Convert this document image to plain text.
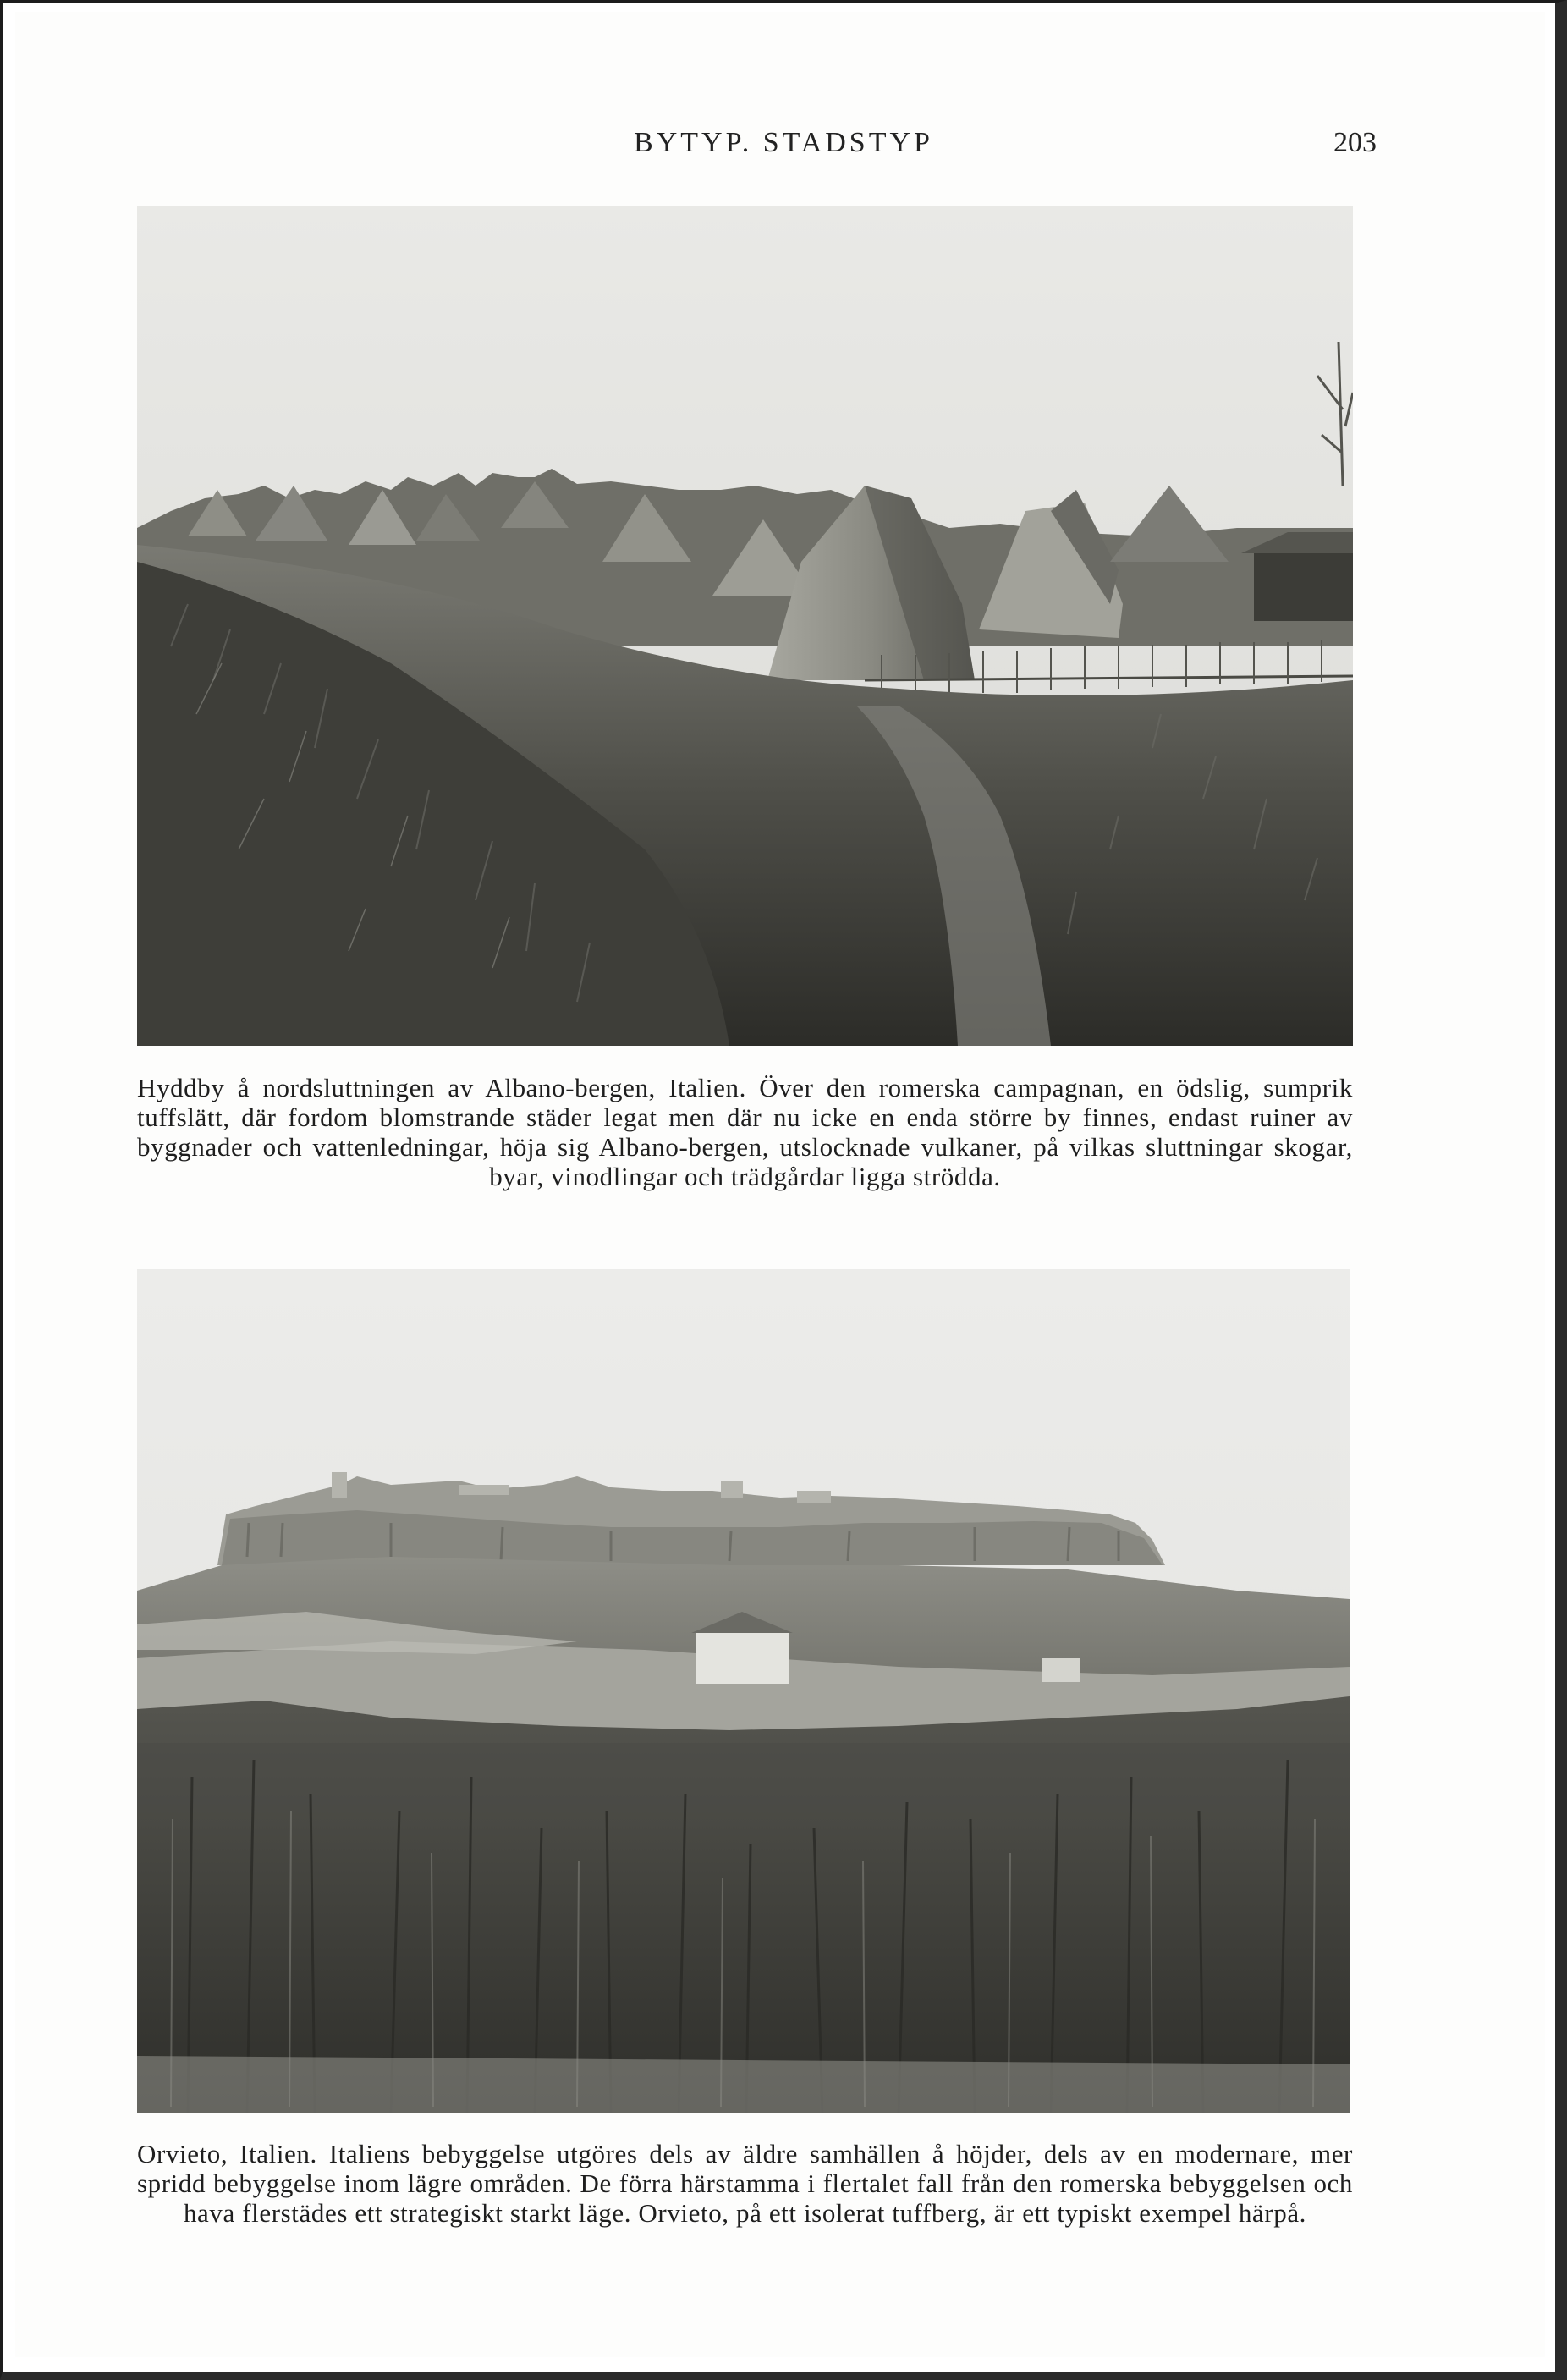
BYTYP. STADSTYP	203
Hyddby å nordsluttningen av Albano-bergen, Italien. Över den romerska campagnan, en ödslig, sumprik tuffslätt, där fordom blomstrande städer legat men där nu icke en enda större by finnes, endast ruiner av byggnader och vattenledningar, höja sig Albano-bergen, utslocknade vulkaner, på vilkas sluttningar skogar, byar, vinodlingar och trädgårdar ligga strödda.
Orvieto, Italien. Italiens bebyggelse utgöres dels av äldre samhällen å höjder, dels av en modernare, mer spridd bebyggelse inom lägre områden. De förra härstamma i flertalet fall från den romerska bebyggelsen och hava flerstädes ett strategiskt starkt läge. Orvieto, på ett isolerat tuffberg, är ett typiskt exempel härpå.
